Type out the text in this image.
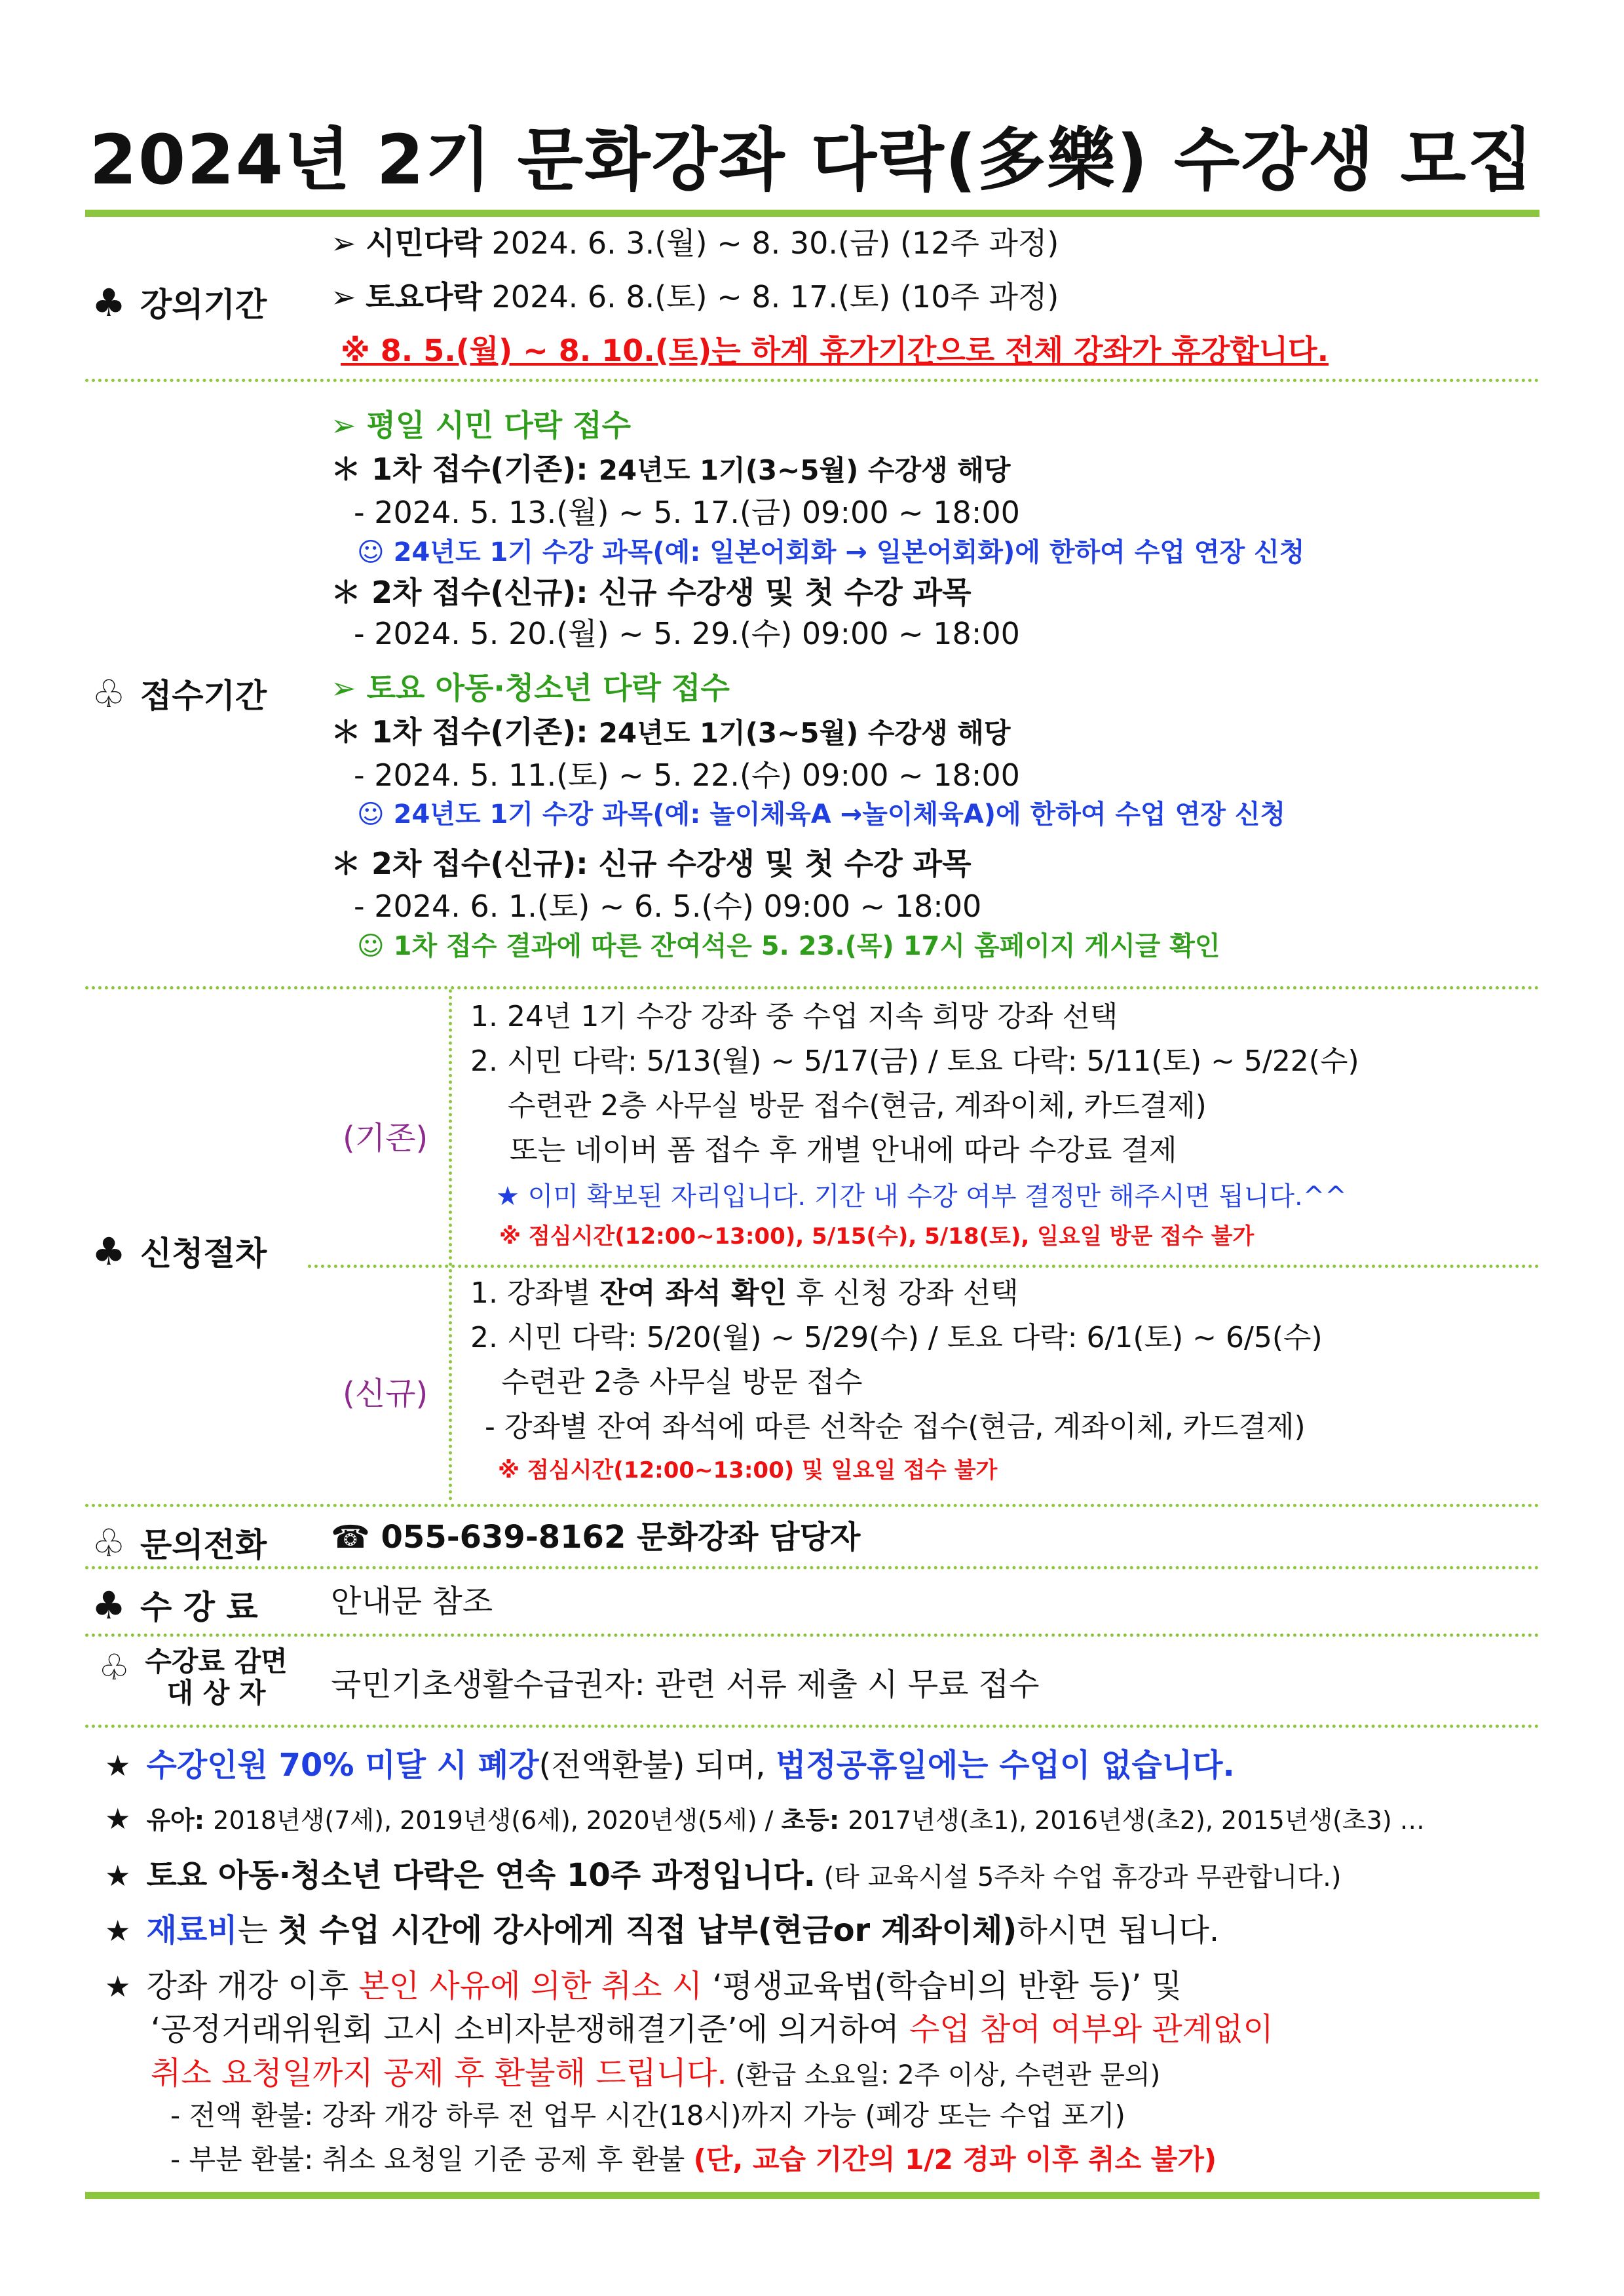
2024년 2기 문화강좌 다락(多樂) 수강생 모집
♣ 강의기간
➢ 시민다락 2024. 6. 3.(월) ~ 8. 30.(금) (12주 과정)
➢ 토요다락 2024. 6. 8.(토) ~ 8. 17.(토) (10주 과정)
※ 8. 5.(월) ~ 8. 10.(토)는 하계 휴가기간으로 전체 강좌가 휴강합니다.
♧ 접수기간
➢ 평일 시민 다락 접수
＊ 1차 접수(기존): 24년도 1기(3~5월) 수강생 해당
- 2024. 5. 13.(월) ~ 5. 17.(금) 09:00 ~ 18:00
☺ 24년도 1기 수강 과목(예: 일본어회화 → 일본어회화)에 한하여 수업 연장 신청
＊ 2차 접수(신규): 신규 수강생 및 첫 수강 과목
- 2024. 5. 20.(월) ~ 5. 29.(수) 09:00 ~ 18:00
➢ 토요 아동·청소년 다락 접수
＊ 1차 접수(기존): 24년도 1기(3~5월) 수강생 해당
- 2024. 5. 11.(토) ~ 5. 22.(수) 09:00 ~ 18:00
☺ 24년도 1기 수강 과목(예: 놀이체육A →놀이체육A)에 한하여 수업 연장 신청
＊ 2차 접수(신규): 신규 수강생 및 첫 수강 과목
- 2024. 6. 1.(토) ~ 6. 5.(수) 09:00 ~ 18:00
☺ 1차 접수 결과에 따른 잔여석은 5. 23.(목) 17시 홈페이지 게시글 확인
♣ 신청절차
(기존)
1. 24년 1기 수강 강좌 중 수업 지속 희망 강좌 선택
2. 시민 다락: 5/13(월) ~ 5/17(금) / 토요 다락: 5/11(토) ~ 5/22(수)
수련관 2층 사무실 방문 접수(현금, 계좌이체, 카드결제)
또는 네이버 폼 접수 후 개별 안내에 따라 수강료 결제
★ 이미 확보된 자리입니다. 기간 내 수강 여부 결정만 해주시면 됩니다.^^
※ 점심시간(12:00~13:00), 5/15(수), 5/18(토), 일요일 방문 접수 불가
(신규)
1. 강좌별 잔여 좌석 확인 후 신청 강좌 선택
2. 시민 다락: 5/20(월) ~ 5/29(수) / 토요 다락: 6/1(토) ~ 6/5(수)
수련관 2층 사무실 방문 접수
- 강좌별 잔여 좌석에 따른 선착순 접수(현금, 계좌이체, 카드결제)
※ 점심시간(12:00~13:00) 및 일요일 접수 불가
♧ 문의전화 ☎ 055-639-8162 문화강좌 담당자
♣ 수 강 료 안내문 참조
♧ 수강료 감면
대 상 자	국민기초생활수급권자: 관련 서류 제출 시 무료 접수
★ 수강인원 70% 미달 시 폐강(전액환불) 되며, 법정공휴일에는 수업이 없습니다.
★ 유아: 2018년생(7세), 2019년생(6세), 2020년생(5세) / 초등: 2017년생(초1), 2016년생(초2), 2015년생(초3) …
★ 토요 아동·청소년 다락은 연속 10주 과정입니다. (타 교육시설 5주차 수업 휴강과 무관합니다.)
★ 재료비는 첫 수업 시간에 강사에게 직접 납부(현금or 계좌이체)하시면 됩니다.
★ 강좌 개강 이후 본인 사유에 의한 취소 시 ‘평생교육법(학습비의 반환 등)’ 및
‘공정거래위원회 고시 소비자분쟁해결기준’에 의거하여 수업 참여 여부와 관계없이
취소 요청일까지 공제 후 환불해 드립니다. (환급 소요일: 2주 이상, 수련관 문의)
- 전액 환불: 강좌 개강 하루 전 업무 시간(18시)까지 가능 (폐강 또는 수업 포기)
- 부분 환불: 취소 요청일 기준 공제 후 환불 (단, 교습 기간의 1/2 경과 이후 취소 불가)
